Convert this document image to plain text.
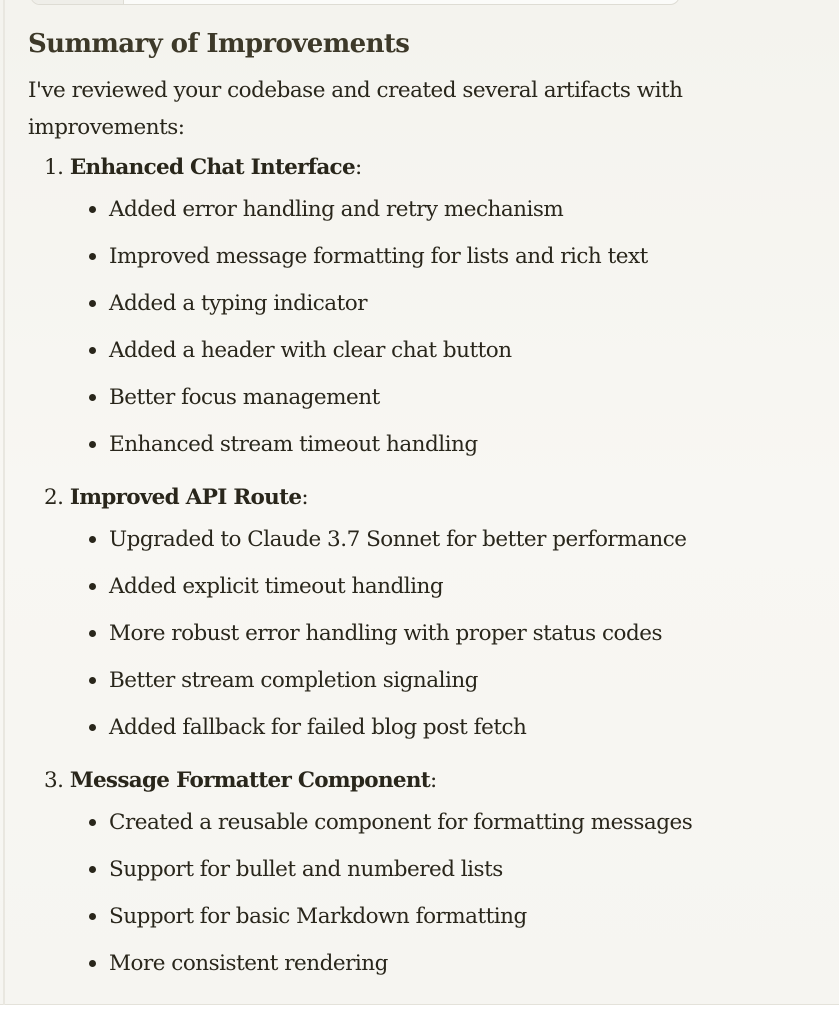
Summary of Improvements

I've reviewed your codebase and created several artifacts with improvements:

1. Enhanced Chat Interface:
Added error handling and retry mechanism
Improved message formatting for lists and rich text
Added a typing indicator
Added a header with clear chat button
Better focus management
Enhanced stream timeout handling
2. Improved API Route:
Upgraded to Claude 3.7 Sonnet for better performance
Added explicit timeout handling
More robust error handling with proper status codes
Better stream completion signaling
Added fallback for failed blog post fetch
3. Message Formatter Component:
Created a reusable component for formatting messages
Support for bullet and numbered lists
Support for basic Markdown formatting
More consistent rendering
